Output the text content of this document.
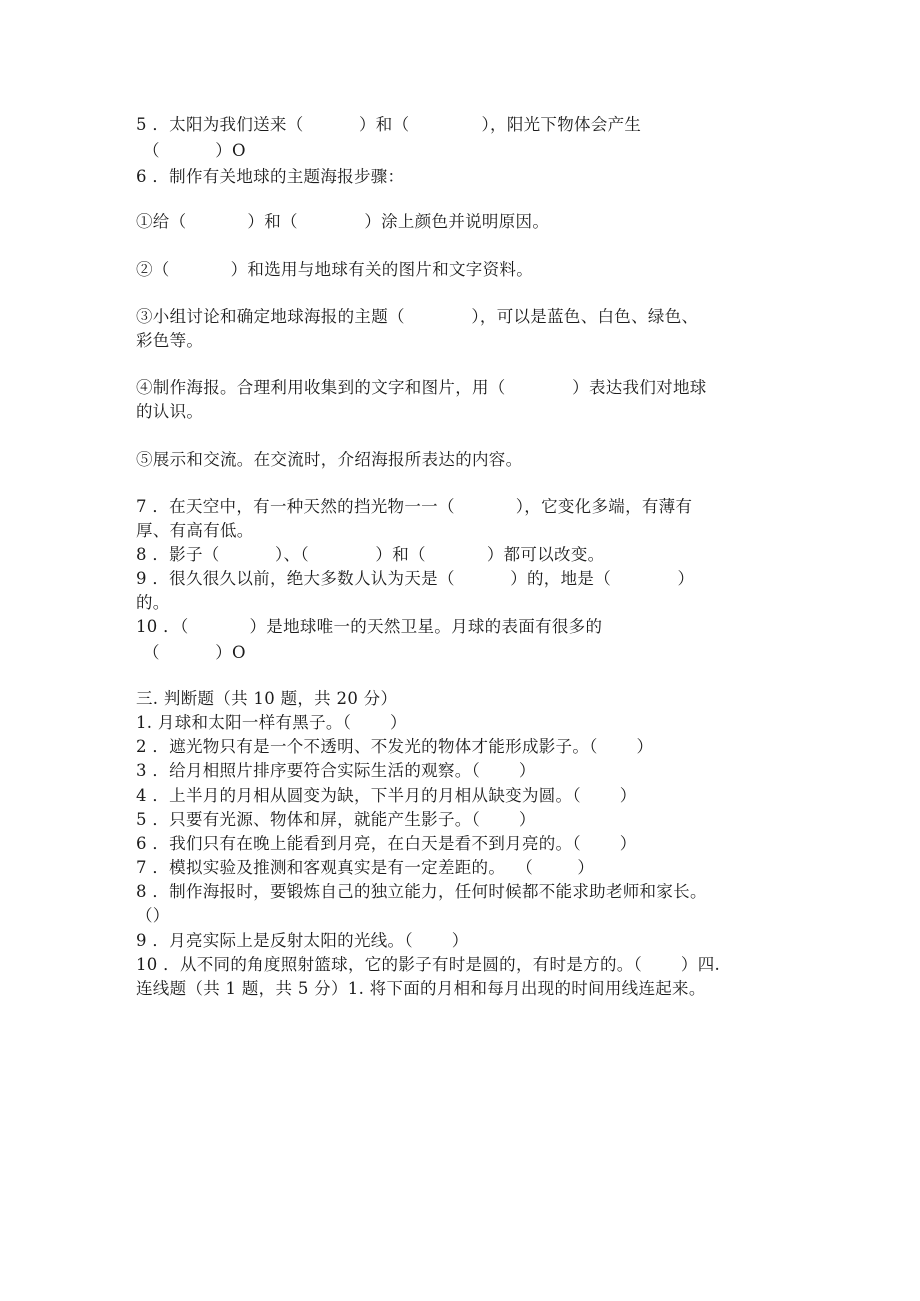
5 ．太阳为我们送来（          ）和（             ），阳光下物体会产生
（          ）O
6 ．制作有关地球的主题海报步骤：
①给（           ）和（            ）涂上颜色并说明原因。
②（           ）和选用与地球有关的图片和文字资料。
③小组讨论和确定地球海报的主题（            ），可以是蓝色、白色、绿色、
彩色等。
④制作海报。合理利用收集到的文字和图片，用（            ）表达我们对地球
的认识。
⑤展示和交流。在交流时，介绍海报所表达的内容。
7 ．在天空中，有一种天然的挡光物一一（           ），它变化多端，有薄有
厚、有高有低。
8 ．影子（          ）、（            ）和（           ）都可以改变。
9 ．很久很久以前，绝大多数人认为天是（          ）的，地是（            ）
的。
10 ．（           ）是地球唯一的天然卫星。月球的表面有很多的
（          ）O
三. 判断题（共 10 题，共 20 分）
1. 月球和太阳一样有黑子。（       ）
2 ．遮光物只有是一个不透明、不发光的物体才能形成影子。（       ）
3 ．给月相照片排序要符合实际生活的观察。（       ）
4 ．上半月的月相从圆变为缺，下半月的月相从缺变为圆。（       ）
5 ．只要有光源、物体和屏，就能产生影子。（       ）
6 ．我们只有在晚上能看到月亮，在白天是看不到月亮的。（       ）
7 ．模拟实验及推测和客观真实是有一定差距的。  （        ）
8 ．制作海报时，要锻炼自己的独立能力，任何时候都不能求助老师和家长。
（）
9 ．月亮实际上是反射太阳的光线。（       ）
10 ．从不同的角度照射篮球，它的影子有时是圆的，有时是方的。（       ）四.
连线题（共 1 题，共 5 分）1. 将下面的月相和每月出现的时间用线连起来。
